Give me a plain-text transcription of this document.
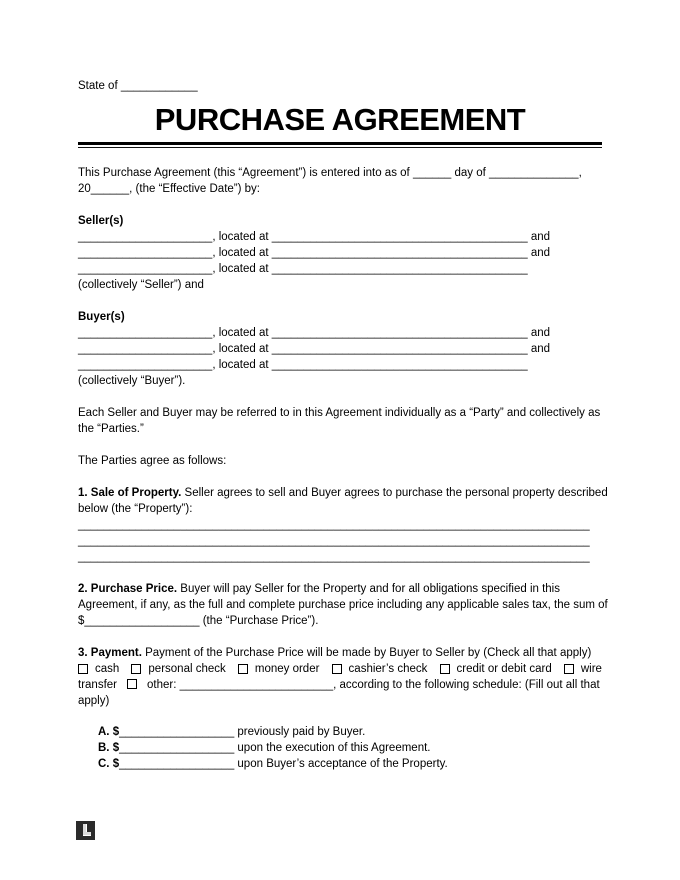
State of ____________
PURCHASE AGREEMENT
This Purchase Agreement (this “Agreement”) is entered into as of ______ day of ______________,
20______, (the “Effective Date”) by:
Seller(s)
_____________________, located at ________________________________________ and
_____________________, located at ________________________________________ and
_____________________, located at ________________________________________
(collectively “Seller”) and
Buyer(s)
_____________________, located at ________________________________________ and
_____________________, located at ________________________________________ and
_____________________, located at ________________________________________
(collectively “Buyer”).
Each Seller and Buyer may be referred to in this Agreement individually as a “Party” and collectively as
the “Parties.”
The Parties agree as follows:
1. Sale of Property. Seller agrees to sell and Buyer agrees to purchase the personal property described
below (the “Property”):
________________________________________________________________________________
________________________________________________________________________________
________________________________________________________________________________
2. Purchase Price. Buyer will pay Seller for the Property and for all obligations specified in this
Agreement, if any, as the full and complete purchase price including any applicable sales tax, the sum of
$__________________ (the “Purchase Price”).
3. Payment. Payment of the Purchase Price will be made by Buyer to Seller by (Check all that apply)
cash	personal check	money order	cashier’s check	credit or debit card	wire
transfer	other: ________________________, according to the following schedule: (Fill out all that
apply)
A. $__________________ previously paid by Buyer.
B. $__________________ upon the execution of this Agreement.
C. $__________________ upon Buyer’s acceptance of the Property.
